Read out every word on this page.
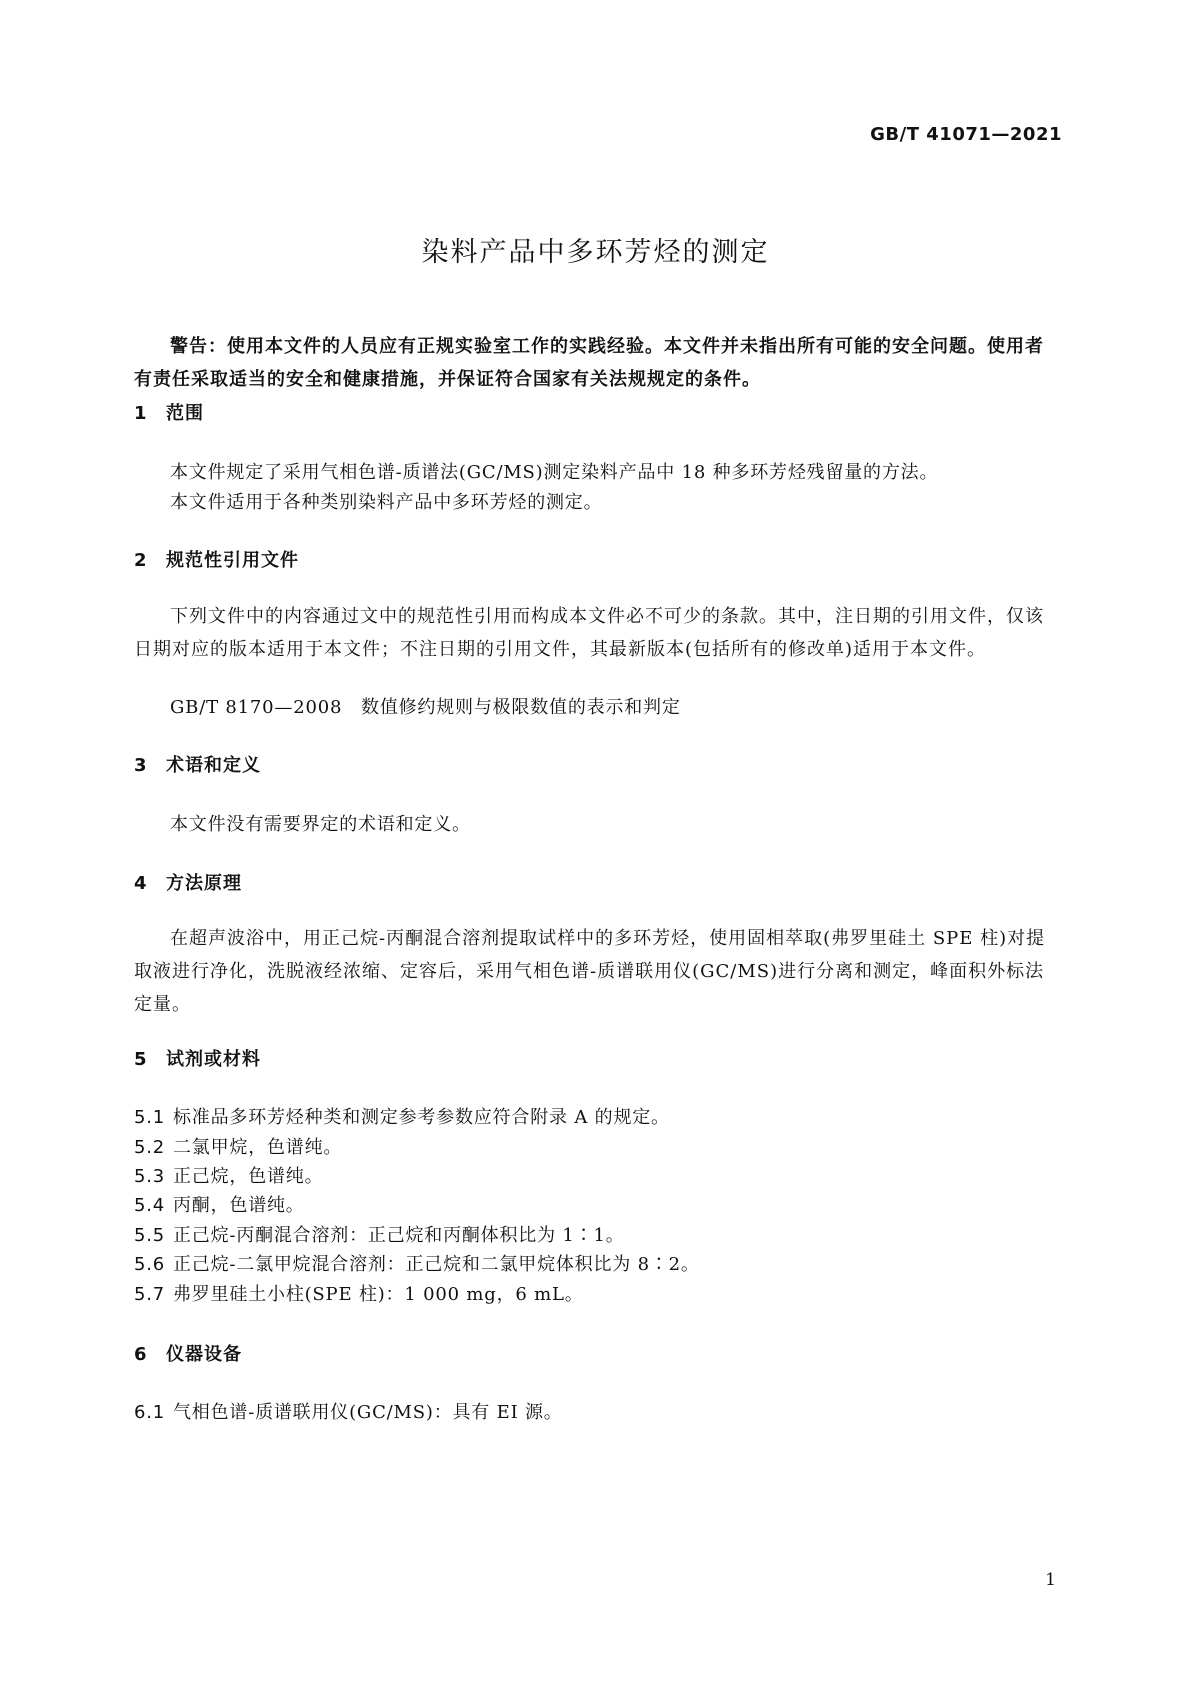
GB/T 41071—2021
染料产品中多环芳烃的测定
警告：使用本文件的人员应有正规实验室工作的实践经验。本文件并未指出所有可能的安全问题。使用者有责任采取适当的安全和健康措施，并保证符合国家有关法规规定的条件。
1 范围
本文件规定了采用气相色谱-质谱法(GC/MS)测定染料产品中 18 种多环芳烃残留量的方法。
本文件适用于各种类别染料产品中多环芳烃的测定。
2 规范性引用文件
下列文件中的内容通过文中的规范性引用而构成本文件必不可少的条款。其中，注日期的引用文件，仅该日期对应的版本适用于本文件；不注日期的引用文件，其最新版本(包括所有的修改单)适用于本文件。
GB/T 8170—2008　数值修约规则与极限数值的表示和判定
3 术语和定义
本文件没有需要界定的术语和定义。
4 方法原理
在超声波浴中，用正己烷-丙酮混合溶剂提取试样中的多环芳烃，使用固相萃取(弗罗里硅土 SPE 柱)对提取液进行净化，洗脱液经浓缩、定容后，采用气相色谱-质谱联用仪(GC/MS)进行分离和测定，峰面积外标法定量。
5 试剂或材料
5.1 标准品多环芳烃种类和测定参考参数应符合附录 A 的规定。
5.2 二氯甲烷，色谱纯。
5.3 正己烷，色谱纯。
5.4 丙酮，色谱纯。
5.5 正己烷-丙酮混合溶剂：正己烷和丙酮体积比为 1∶1。
5.6 正己烷-二氯甲烷混合溶剂：正己烷和二氯甲烷体积比为 8∶2。
5.7 弗罗里硅土小柱(SPE 柱)：1 000 mg，6 mL。
6 仪器设备
6.1 气相色谱-质谱联用仪(GC/MS)：具有 EI 源。
1
